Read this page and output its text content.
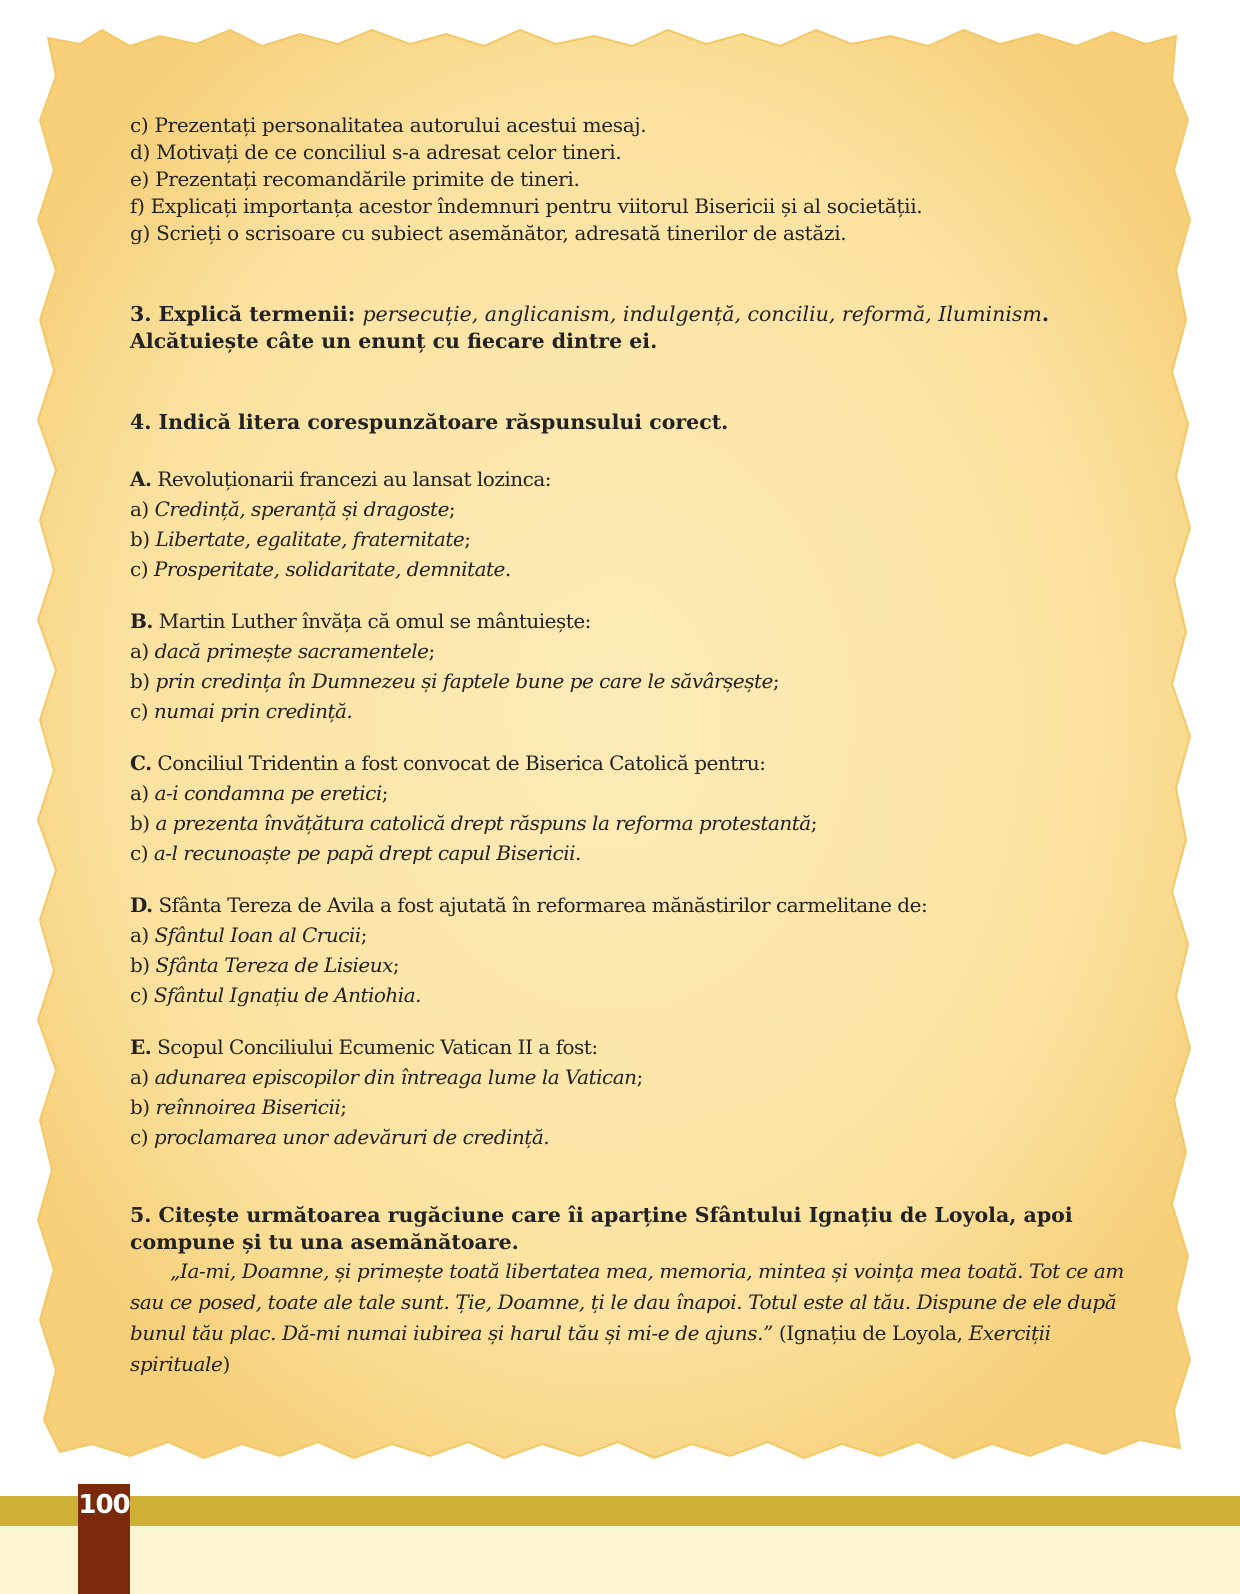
c) Prezentați personalitatea autorului acestui mesaj.

d) Motivați de ce conciliul s-a adresat celor tineri.

e) Prezentați recomandările primite de tineri.

f) Explicați importanța acestor îndemnuri pentru viitorul Bisericii și al societății.

g) Scrieți o scrisoare cu subiect asemănător, adresată tinerilor de astăzi.

3. Explică termenii: persecuție, anglicanism, indulgență, conciliu, reformă, Iluminism. Alcătuiește câte un enunț cu fiecare dintre ei.

4. Indică litera corespunzătoare răspunsului corect.

A. Revoluționarii francezi au lansat lozinca:

a) Credință, speranță și dragoste;

b) Libertate, egalitate, fraternitate;

c) Prosperitate, solidaritate, demnitate.

B. Martin Luther învăța că omul se mântuiește:

a) dacă primește sacramentele;

b) prin credința în Dumnezeu și faptele bune pe care le săvârșește;

c) numai prin credință.

C. Conciliul Tridentin a fost convocat de Biserica Catolică pentru:

a) a-i condamna pe eretici;

b) a prezenta învățătura catolică drept răspuns la reforma protestantă;

c) a-l recunoaște pe papă drept capul Bisericii.

D. Sfânta Tereza de Avila a fost ajutată în reformarea mănăstirilor carmelitane de:

a) Sfântul Ioan al Crucii;

b) Sfânta Tereza de Lisieux;

c) Sfântul Ignațiu de Antiohia.

E. Scopul Conciliului Ecumenic Vatican II a fost:

a) adunarea episcopilor din întreaga lume la Vatican;

b) reînnoirea Bisericii;

c) proclamarea unor adevăruri de credință.

5. Citește următoarea rugăciune care îi aparține Sfântului Ignațiu de Loyola, apoi compune și tu una asemănătoare.

„Ia-mi, Doamne, și primește toată libertatea mea, memoria, mintea și voința mea toată. Tot ce am sau ce posed, toate ale tale sunt. Ție, Doamne, ți le dau înapoi. Totul este al tău. Dispune de ele după bunul tău plac. Dă-mi numai iubirea și harul tău și mi-e de ajuns.” (Ignațiu de Loyola, Exerciții spirituale)

100
